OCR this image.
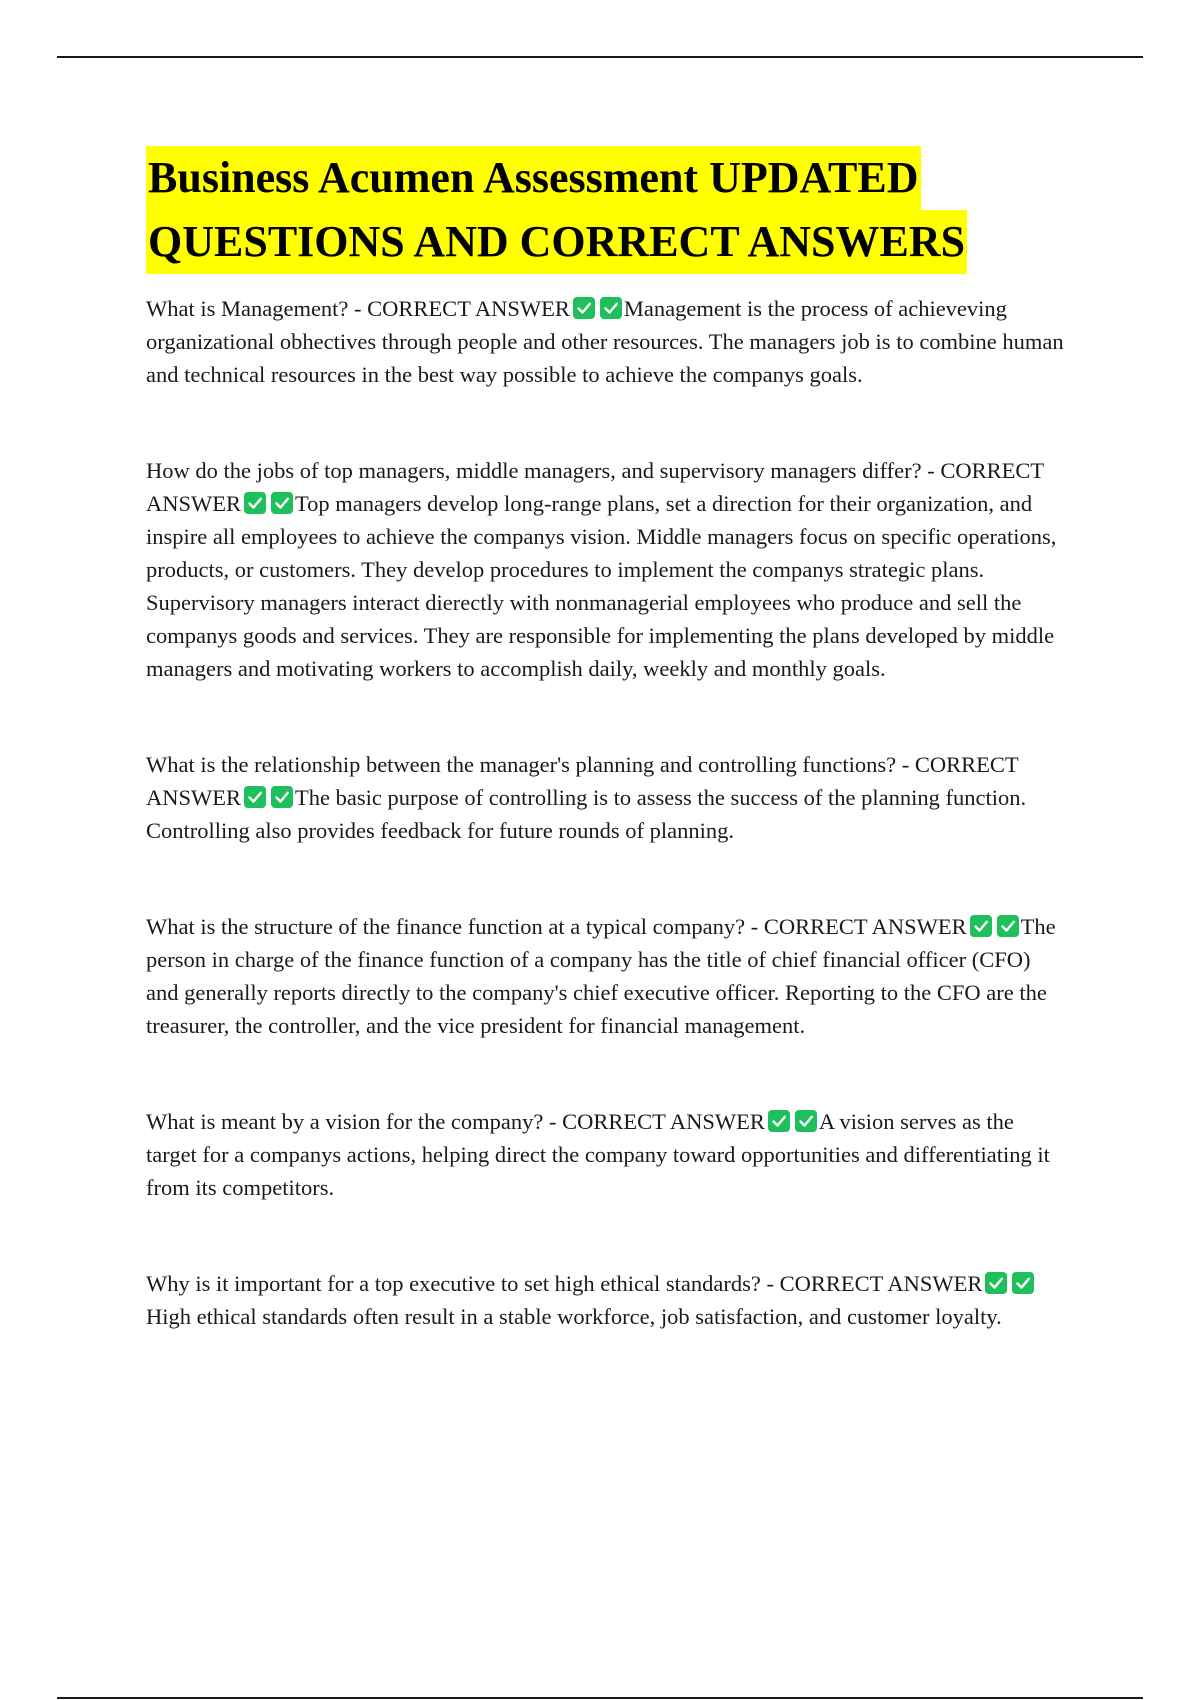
Business Acumen Assessment UPDATED
QUESTIONS AND CORRECT ANSWERS

What is Management? - CORRECT ANSWER Management is the process of achieveving organizational obhectives through people and other resources. The managers job is to combine human and technical resources in the best way possible to achieve the companys goals.

How do the jobs of top managers, middle managers, and supervisory managers differ? - CORRECT ANSWER Top managers develop long-range plans, set a direction for their organization, and inspire all employees to achieve the companys vision. Middle managers focus on specific operations, products, or customers. They develop procedures to implement the companys strategic plans. Supervisory managers interact dierectly with nonmanagerial employees who produce and sell the companys goods and services. They are responsible for implementing the plans developed by middle managers and motivating workers to accomplish daily, weekly and monthly goals.

What is the relationship between the manager's planning and controlling functions? - CORRECT ANSWER The basic purpose of controlling is to assess the success of the planning function. Controlling also provides feedback for future rounds of planning.

What is the structure of the finance function at a typical company? - CORRECT ANSWER The person in charge of the finance function of a company has the title of chief financial officer (CFO) and generally reports directly to the company's chief executive officer. Reporting to the CFO are the treasurer, the controller, and the vice president for financial management.

What is meant by a vision for the company? - CORRECT ANSWER A vision serves as the target for a companys actions, helping direct the company toward opportunities and differentiating it from its competitors.

Why is it important for a top executive to set high ethical standards? - CORRECT ANSWER
High ethical standards often result in a stable workforce, job satisfaction, and customer loyalty.
